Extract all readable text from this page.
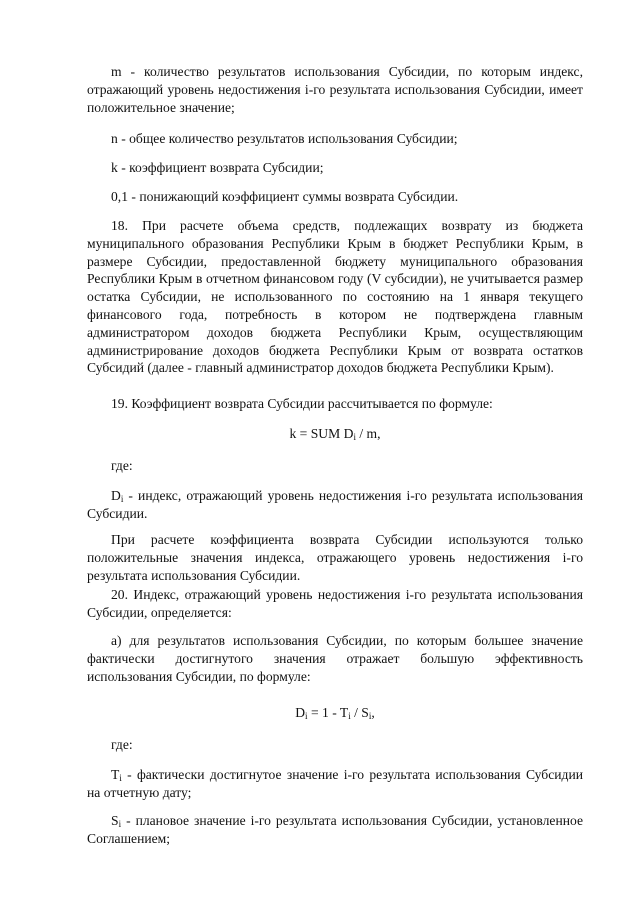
m - количество результатов использования Субсидии, по которым индекс, отражающий уровень недостижения i-го результата использования Субсидии, имеет положительное значение;

n - общее количество результатов использования Субсидии;

k - коэффициент возврата Субсидии;

0,1 - понижающий коэффициент суммы возврата Субсидии.

18. При расчете объема средств, подлежащих возврату из бюджета муниципального образования Республики Крым в бюджет Республики Крым, в размере Субсидии, предоставленной бюджету муниципального образования Республики Крым в отчетном финансовом году (V субсидии), не учитывается размер остатка Субсидии, не использованного по состоянию на 1 января текущего финансового года, потребность в котором не подтверждена главным администратором доходов бюджета Республики Крым, осуществляющим администрирование доходов бюджета Республики Крым от возврата остатков Субсидий (далее - главный администратор доходов бюджета Республики Крым).

19. Коэффициент возврата Субсидии рассчитывается по формуле:

k = SUM $D_i$ / m,

где:

$D_i$ - индекс, отражающий уровень недостижения i-го результата использования Субсидии.

При расчете коэффициента возврата Субсидии используются только положительные значения индекса, отражающего уровень недостижения i-го результата использования Субсидии.

20. Индекс, отражающий уровень недостижения i-го результата использования Субсидии, определяется:

а) для результатов использования Субсидии, по которым большее значение фактически достигнутого значения отражает большую эффективность использования Субсидии, по формуле:

$D_i = 1 - T_i / S_i$,

где:

$T_i$ - фактически достигнутое значение i-го результата использования Субсидии на отчетную дату;

$S_i$ - плановое значение i-го результата использования Субсидии, установленное Соглашением;
